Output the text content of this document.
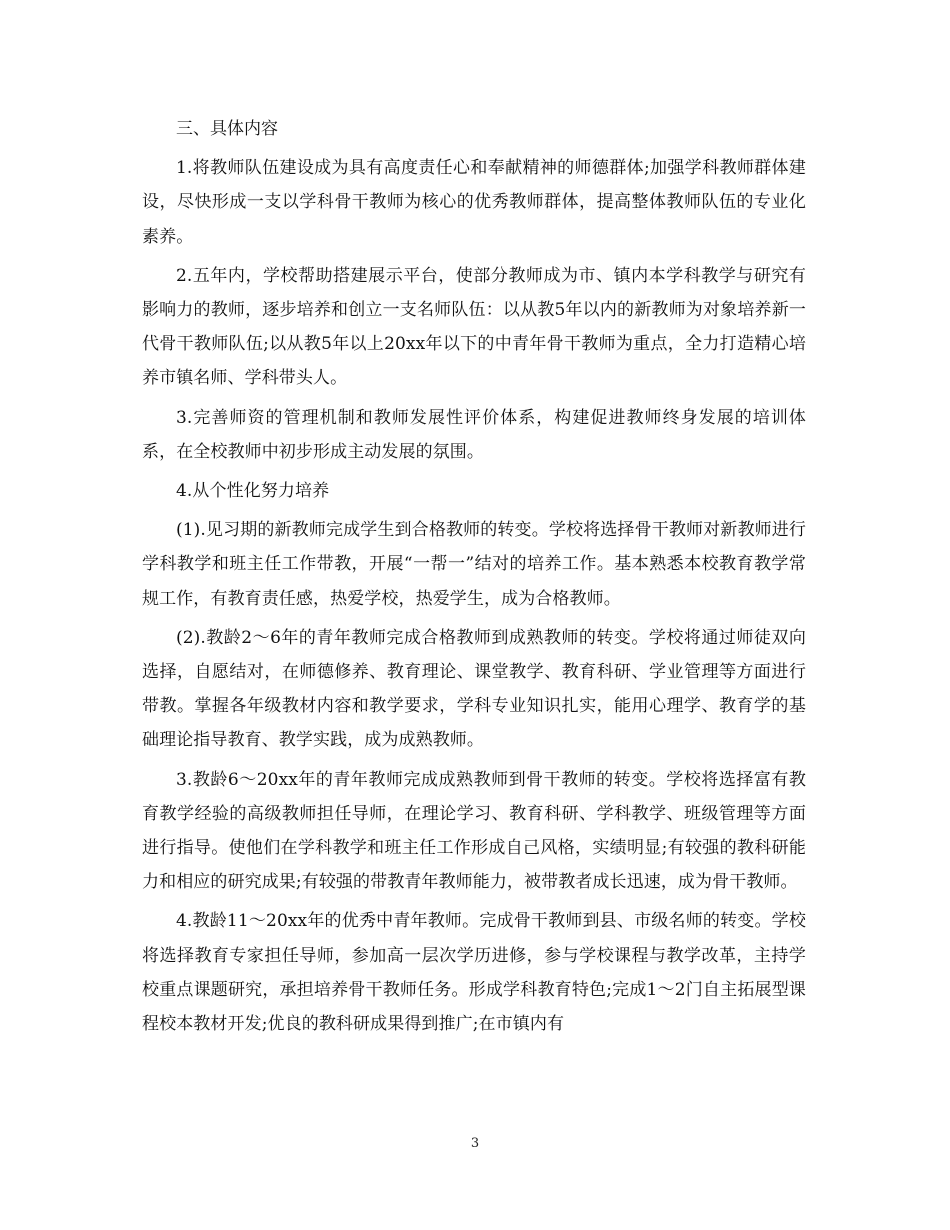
三、具体内容

1.将教师队伍建设成为具有高度责任心和奉献精神的师德群体;加强学科教师群体建设，尽快形成一支以学科骨干教师为核心的优秀教师群体，提高整体教师队伍的专业化素养。

2.五年内，学校帮助搭建展示平台，使部分教师成为市、镇内本学科教学与研究有影响力的教师，逐步培养和创立一支名师队伍：以从教5年以内的新教师为对象培养新一代骨干教师队伍;以从教5年以上20xx年以下的中青年骨干教师为重点，全力打造精心培养市镇名师、学科带头人。

3.完善师资的管理机制和教师发展性评价体系，构建促进教师终身发展的培训体系，在全校教师中初步形成主动发展的氛围。

4.从个性化努力培养

(1).见习期的新教师完成学生到合格教师的转变。学校将选择骨干教师对新教师进行学科教学和班主任工作带教，开展“一帮一”结对的培养工作。基本熟悉本校教育教学常规工作，有教育责任感，热爱学校，热爱学生，成为合格教师。

(2).教龄2～6年的青年教师完成合格教师到成熟教师的转变。学校将通过师徒双向选择，自愿结对，在师德修养、教育理论、课堂教学、教育科研、学业管理等方面进行带教。掌握各年级教材内容和教学要求，学科专业知识扎实，能用心理学、教育学的基础理论指导教育、教学实践，成为成熟教师。

3.教龄6～20xx年的青年教师完成成熟教师到骨干教师的转变。学校将选择富有教育教学经验的高级教师担任导师，在理论学习、教育科研、学科教学、班级管理等方面进行指导。使他们在学科教学和班主任工作形成自己风格，实绩明显;有较强的教科研能力和相应的研究成果;有较强的带教青年教师能力，被带教者成长迅速，成为骨干教师。

4.教龄11～20xx年的优秀中青年教师。完成骨干教师到县、市级名师的转变。学校将选择教育专家担任导师，参加高一层次学历进修，参与学校课程与教学改革，主持学校重点课题研究，承担培养骨干教师任务。形成学科教育特色;完成1～2门自主拓展型课程校本教材开发;优良的教科研成果得到推广;在市镇内有

3
